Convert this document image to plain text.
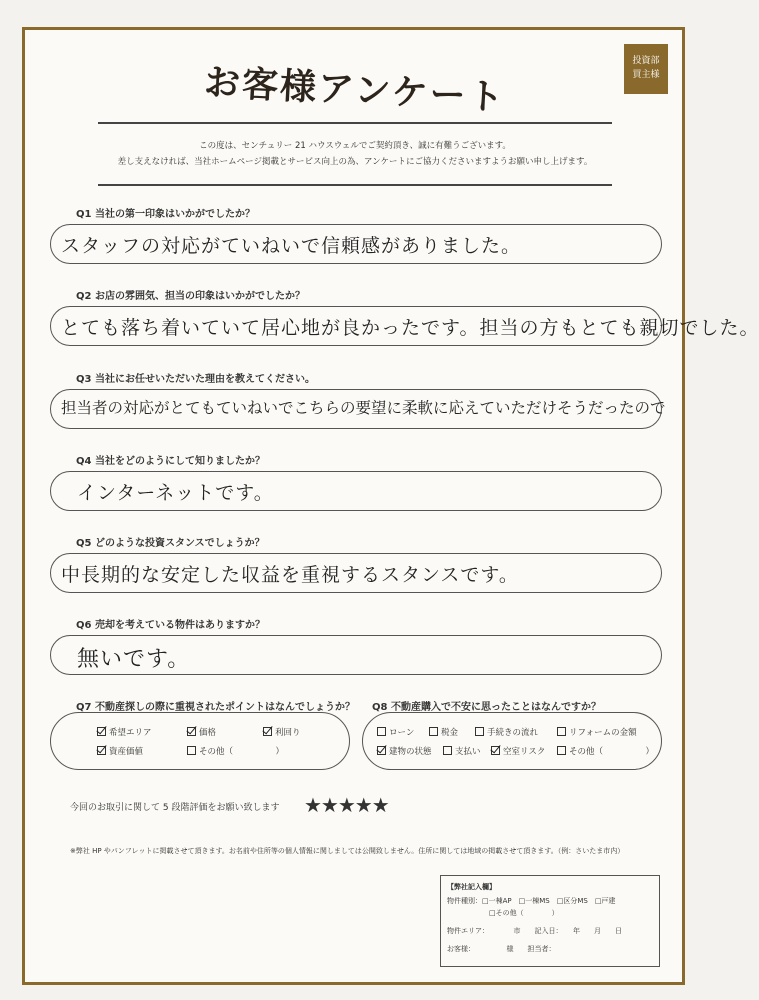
投資部
買主様
お客様アンケート
この度は、センチュリー 21 ハウスウェルでご契約頂き、誠に有難うございます。
差し支えなければ、当社ホームページ掲載とサービス向上の為、アンケートにご協力くださいますようお願い申し上げます。
Q1 当社の第一印象はいかがでしたか？
スタッフの対応がていねいで信頼感がありました。
Q2 お店の雰囲気、担当の印象はいかがでしたか？
とても落ち着いていて居心地が良かったです。担当の方もとても親切でした。
Q3 当社にお任せいただいた理由を教えてください。
担当者の対応がとてもていねいでこちらの要望に柔軟に応えていただけそうだったので
Q4 当社をどのようにして知りましたか？
インターネットです。
Q5 どのような投資スタンスでしょうか？
中長期的な安定した収益を重視するスタンスです。
Q6 売却を考えている物件はありますか？
無いです。
Q7 不動産探しの際に重視されたポイントはなんでしょうか？
希望エリア	価格	利回り
資産価値	その他（　　　　　）
Q8 不動産購入で不安に思ったことはなんですか？
ローン	税金	手続きの流れ	リフォームの金額
建物の状態	支払い	空室リスク	その他（　　　　　）
今回のお取引に関して 5 段階評価をお願い致します ★★★★★
※弊社 HP やパンフレットに掲載させて頂きます。お名前や住所等の個人情報に関しましては公開致しません。住所に関しては地域の掲載させて頂きます。（例：さいたま市内）
【弊社記入欄】
物件種別：□一棟AP　□一棟MS　□区分MS　□戸建
□その他（　　　　）
物件エリア：　　　　市　　記入日：　　年　　月　　日
お客様：　　　　　様　　担当者：
